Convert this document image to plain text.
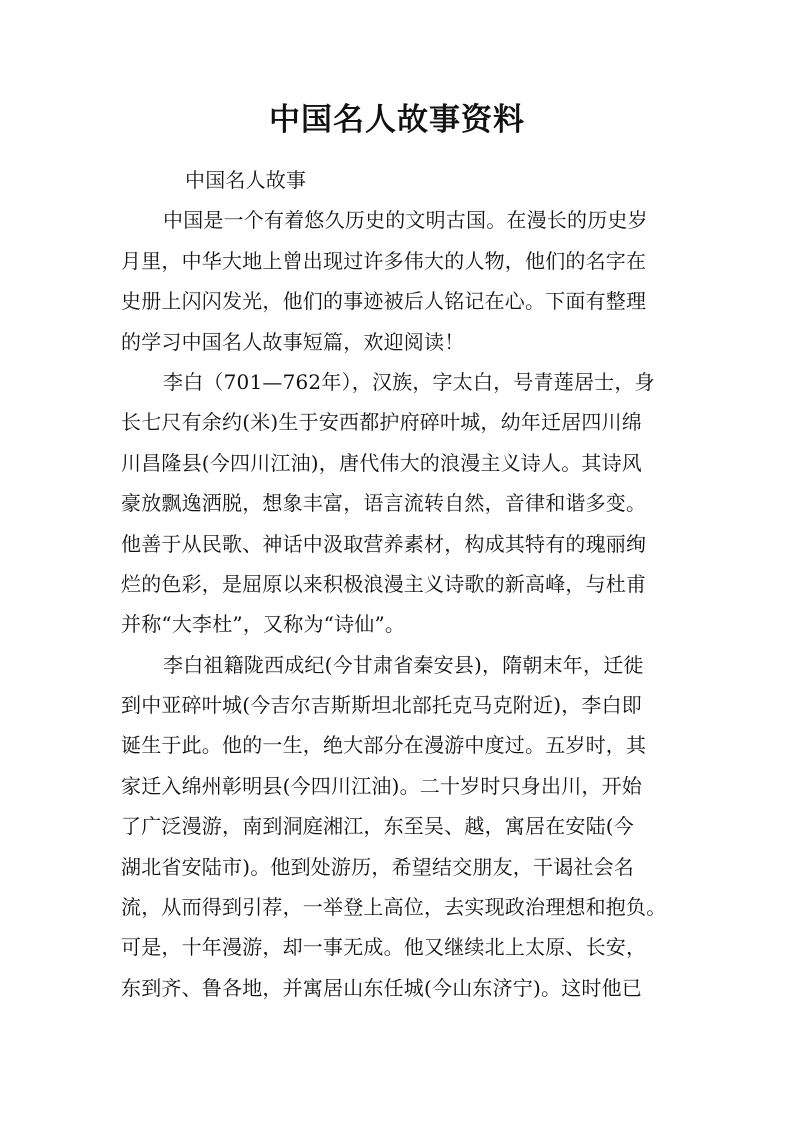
中国名人故事资料
中国名人故事
中国是一个有着悠久历史的文明古国。在漫长的历史岁
月里，中华大地上曾出现过许多伟大的人物，他们的名字在
史册上闪闪发光，他们的事迹被后人铭记在心。下面有整理
的学习中国名人故事短篇，欢迎阅读！
李白（701—762年），汉族，字太白，号青莲居士，身
长七尺有余约(米)生于安西都护府碎叶城，幼年迁居四川绵
川昌隆县(今四川江油)，唐代伟大的浪漫主义诗人。其诗风
豪放飘逸洒脱，想象丰富，语言流转自然，音律和谐多变。
他善于从民歌、神话中汲取营养素材，构成其特有的瑰丽绚
烂的色彩，是屈原以来积极浪漫主义诗歌的新高峰，与杜甫
并称“大李杜”，又称为“诗仙”。
李白祖籍陇西成纪(今甘肃省秦安县)，隋朝末年，迁徙
到中亚碎叶城(今吉尔吉斯斯坦北部托克马克附近)，李白即
诞生于此。他的一生，绝大部分在漫游中度过。五岁时，其
家迁入绵州彰明县(今四川江油)。二十岁时只身出川，开始
了广泛漫游，南到洞庭湘江，东至吴、越，寓居在安陆(今
湖北省安陆市)。他到处游历，希望结交朋友，干谒社会名
流，从而得到引荐，一举登上高位，去实现政治理想和抱负。
可是，十年漫游，却一事无成。他又继续北上太原、长安，
东到齐、鲁各地，并寓居山东任城(今山东济宁)。这时他已
